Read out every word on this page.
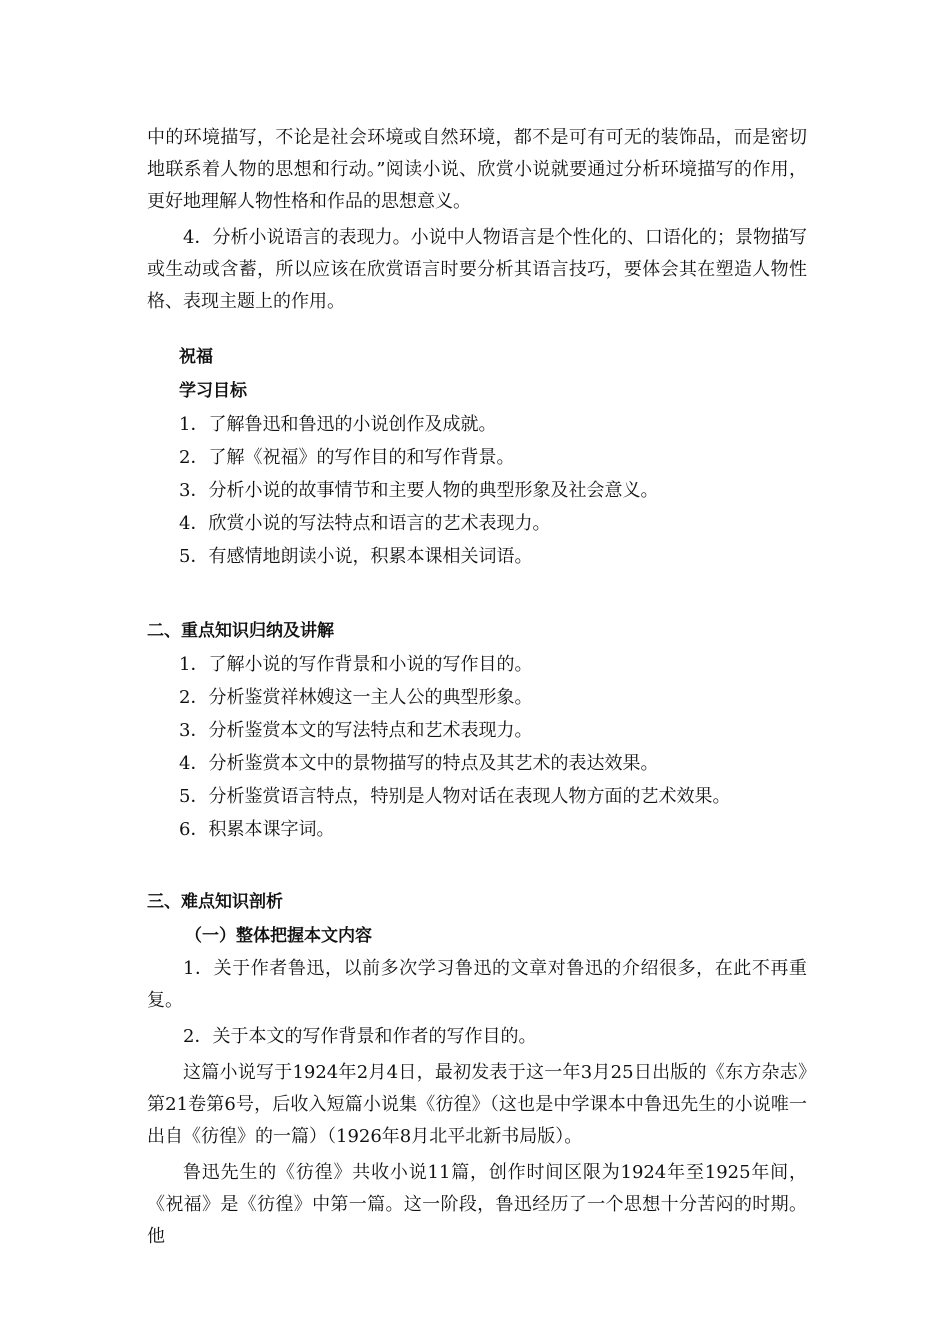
中的环境描写，不论是社会环境或自然环境，都不是可有可无的装饰品，而是密切地联系着人物的思想和行动。”阅读小说、欣赏小说就要通过分析环境描写的作用，更好地理解人物性格和作品的思想意义。

4．分析小说语言的表现力。小说中人物语言是个性化的、口语化的；景物描写或生动或含蓄，所以应该在欣赏语言时要分析其语言技巧，要体会其在塑造人物性格、表现主题上的作用。

祝福

学习目标

1．了解鲁迅和鲁迅的小说创作及成就。

2．了解《祝福》的写作目的和写作背景。

3．分析小说的故事情节和主要人物的典型形象及社会意义。

4．欣赏小说的写法特点和语言的艺术表现力。

5．有感情地朗读小说，积累本课相关词语。

二、重点知识归纳及讲解

1．了解小说的写作背景和小说的写作目的。

2．分析鉴赏祥林嫂这一主人公的典型形象。

3．分析鉴赏本文的写法特点和艺术表现力。

4．分析鉴赏本文中的景物描写的特点及其艺术的表达效果。

5．分析鉴赏语言特点，特别是人物对话在表现人物方面的艺术效果。

6．积累本课字词。

三、难点知识剖析

（一）整体把握本文内容

1．关于作者鲁迅，以前多次学习鲁迅的文章对鲁迅的介绍很多，在此不再重复。

2．关于本文的写作背景和作者的写作目的。

这篇小说写于1924年2月4日，最初发表于这一年3月25日出版的《东方杂志》第21卷第6号，后收入短篇小说集《彷徨》（这也是中学课本中鲁迅先生的小说唯一出自《彷徨》的一篇）（1926年8月北平北新书局版）。

鲁迅先生的《彷徨》共收小说11篇，创作时间区限为1924年至1925年间，《祝福》是《彷徨》中第一篇。这一阶段，鲁迅经历了一个思想十分苦闷的时期。他
